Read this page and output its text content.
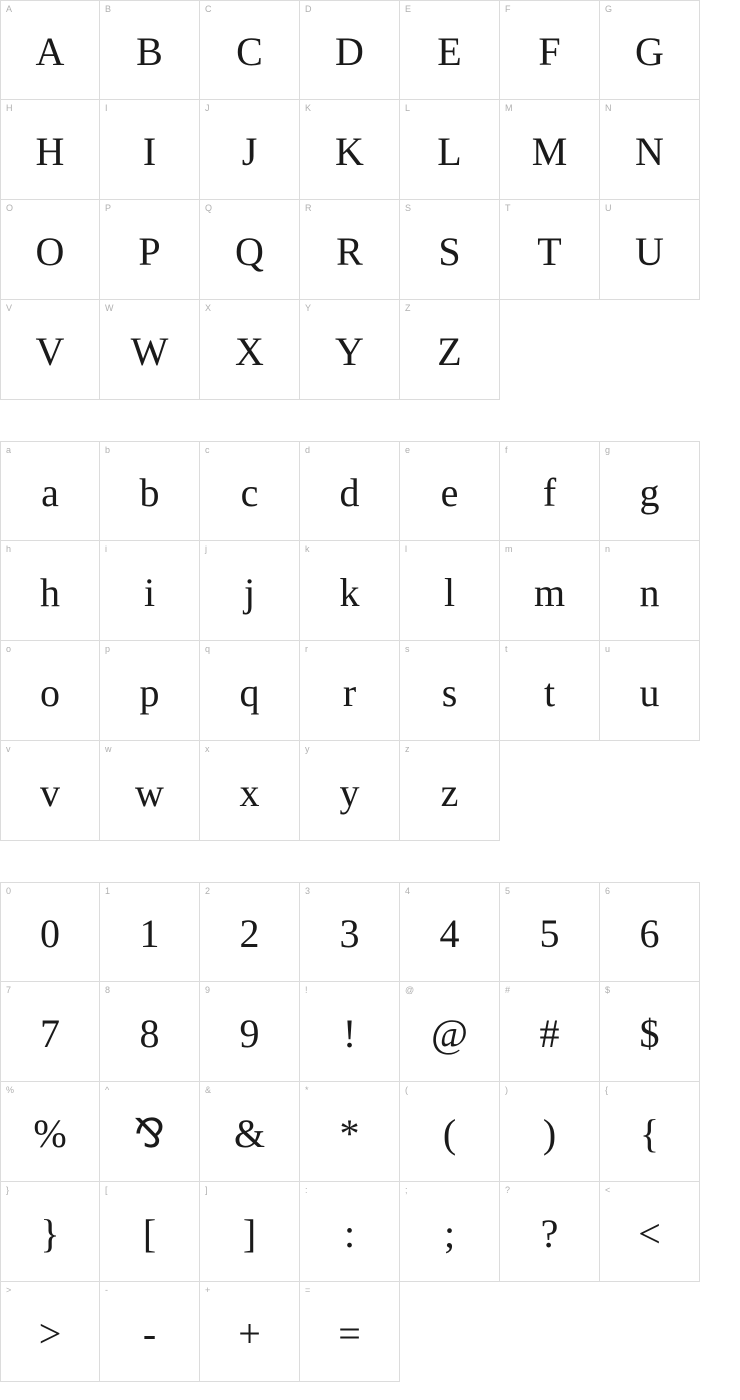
A
A
B
B
C
C
D
D
E
E
F
F
G
G
H
H
I
I
J
J
K
K
L
L
M
M
N
N
O
O
P
P
Q
Q
R
R
S
S
T
T
U
U
V
V
W
W
X
X
Y
Y
Z
Z
a
a
b
b
c
c
d
d
e
e
f
f
g
g
h
h
i
i
j
j
k
k
l
l
m
m
n
n
o
o
p
p
q
q
r
r
s
s
t
t
u
u
v
v
w
w
x
x
y
y
z
z
0
0
1
1
2
2
3
3
4
4
5
5
6
6
7
7
8
8
9
9
!
!
@
@
#
#
$
$
%
%
^
⅋
&
&
*
*
(
(
)
)
{
{
}
}
[
[
]
]
:
:
;
;
?
?
<
<
>
>
-
-
+
+
=
=
